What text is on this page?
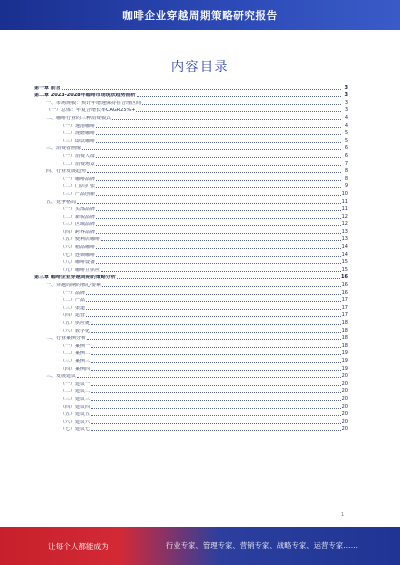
咖啡企业穿越周期策略研究报告
内容目录
第一章 前言	3
第二章 2023-2028年咖啡市场现状趋势剖析	3
一、市场规模：预计年增速保持在合理区间	3
（一）总体：年复合增长率CAGR25%+	3
二、咖啡行业的三种消费模式	4
（一）速溶咖啡	4
（二）现磨咖啡	5
（三）即饮咖啡	5
三、消费者画像	6
（一）消费人群	6
（二）消费场景	7
四、行业发展趋势	8
（一）咖啡品牌	8
（二）门店扩张	9
（三）产品创新	10
五、竞争格局	11
（一）头部品牌	11
（二）新锐品牌	12
（三）区域品牌	12
（四）跨界品牌	13
（五）便利店咖啡	13
（六）精品咖啡	14
（七）连锁咖啡	14
（八）咖啡设备	15
（九）咖啡豆供应	15
第三章 咖啡企业穿越周期的策略分析	16
一、穿越周期的核心要素	16
（一）品牌	16
（二）产品	17
（三）渠道	17
（四）运营	17
（五）供应链	18
（六）数字化	18
二、行业案例分析	18
（一）案例一	18
（二）案例二	19
（三）案例三	19
（四）案例四	19
三、发展建议	20
（一）建议一	20
（二）建议二	20
（三）建议三	20
（四）建议四	20
（五）建议五	20
（六）建议六	20
（七）建议七	20
1
让每个人都能成为	行业专家、管理专家、营销专家、战略专家、运营专家……
